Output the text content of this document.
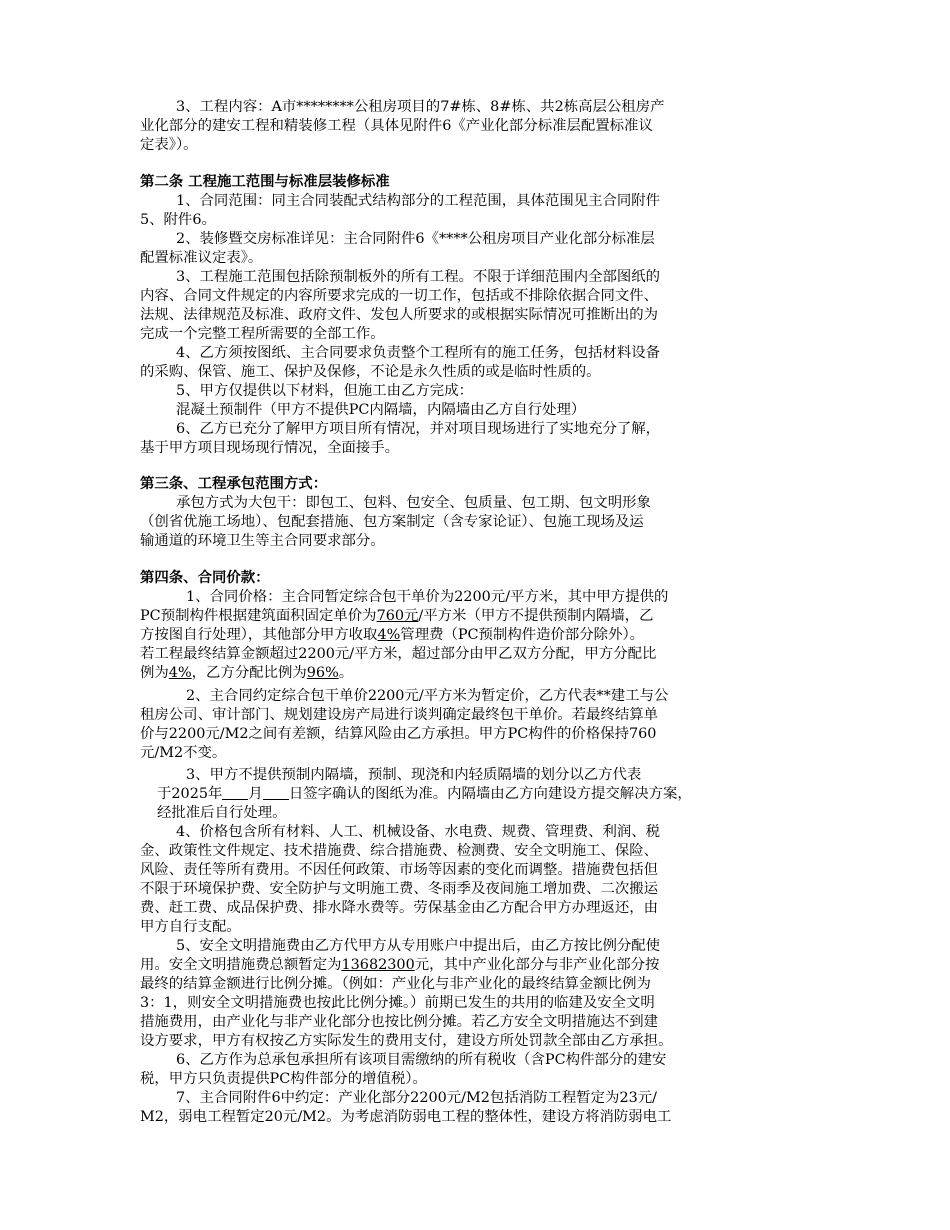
3、工程内容：A市********公租房项目的7#栋、8#栋、共2栋高层公租房产
业化部分的建安工程和精装修工程（具体见附件6《产业化部分标准层配置标准议
定表》）。
第二条 工程施工范围与标准层装修标准
1、合同范围：同主合同装配式结构部分的工程范围，具体范围见主合同附件
5、附件6。
2、装修暨交房标准详见：主合同附件6《****公租房项目产业化部分标准层
配置标准议定表》。
3、工程施工范围包括除预制板外的所有工程。不限于详细范围内全部图纸的
内容、合同文件规定的内容所要求完成的一切工作，包括或不排除依据合同文件、
法规、法律规范及标准、政府文件、发包人所要求的或根据实际情况可推断出的为
完成一个完整工程所需要的全部工作。
4、乙方须按图纸、主合同要求负责整个工程所有的施工任务，包括材料设备
的采购、保管、施工、保护及保修，不论是永久性质的或是临时性质的。
5、甲方仅提供以下材料，但施工由乙方完成：
混凝土预制件（甲方不提供PC内隔墙，内隔墙由乙方自行处理）
6、乙方已充分了解甲方项目所有情况，并对项目现场进行了实地充分了解，
基于甲方项目现场现行情况，全面接手。
第三条、工程承包范围方式：
承包方式为大包干：即包工、包料、包安全、包质量、包工期、包文明形象
（创省优施工场地）、包配套措施、包方案制定（含专家论证）、包施工现场及运
输通道的环境卫生等主合同要求部分。
第四条、合同价款：
1、合同价格：主合同暂定综合包干单价为2200元/平方米，其中甲方提供的
PC预制构件根据建筑面积固定单价为760元/平方米（甲方不提供预制内隔墙，乙
方按图自行处理），其他部分甲方收取4%管理费（PC预制构件造价部分除外）。
若工程最终结算金额超过2200元/平方米，超过部分由甲乙双方分配，甲方分配比
例为4%，乙方分配比例为96%。
2、主合同约定综合包干单价2200元/平方米为暂定价，乙方代表**建工与公
租房公司、审计部门、规划建设房产局进行谈判确定最终包干单价。若最终结算单
价与2200元/M2之间有差额，结算风险由乙方承担。甲方PC构件的价格保持760
元/M2不变。
3、甲方不提供预制内隔墙，预制、现浇和内轻质隔墙的划分以乙方代表
于2025年 月 日签字确认的图纸为准。内隔墙由乙方向建设方提交解决方案，
经批准后自行处理。
4、价格包含所有材料、人工、机械设备、水电费、规费、管理费、利润、税
金、政策性文件规定、技术措施费、综合措施费、检测费、安全文明施工、保险、
风险、责任等所有费用。不因任何政策、市场等因素的变化而调整。措施费包括但
不限于环境保护费、安全防护与文明施工费、冬雨季及夜间施工增加费、二次搬运
费、赶工费、成品保护费、排水降水费等。劳保基金由乙方配合甲方办理返还，由
甲方自行支配。
5、安全文明措施费由乙方代甲方从专用账户中提出后，由乙方按比例分配使
用。安全文明措施费总额暂定为13682300元，其中产业化部分与非产业化部分按
最终的结算金额进行比例分摊。（例如：产业化与非产业化的最终结算金额比例为
3：1，则安全文明措施费也按此比例分摊。）前期已发生的共用的临建及安全文明
措施费用，由产业化与非产业化部分也按比例分摊。若乙方安全文明措施达不到建
设方要求，甲方有权按乙方实际发生的费用支付，建设方所处罚款全部由乙方承担。
6、乙方作为总承包承担所有该项目需缴纳的所有税收（含PC构件部分的建安
税，甲方只负责提供PC构件部分的增值税）。
7、主合同附件6中约定：产业化部分2200元/M2包括消防工程暂定为23元/
M2，弱电工程暂定20元/M2。为考虑消防弱电工程的整体性，建设方将消防弱电工
